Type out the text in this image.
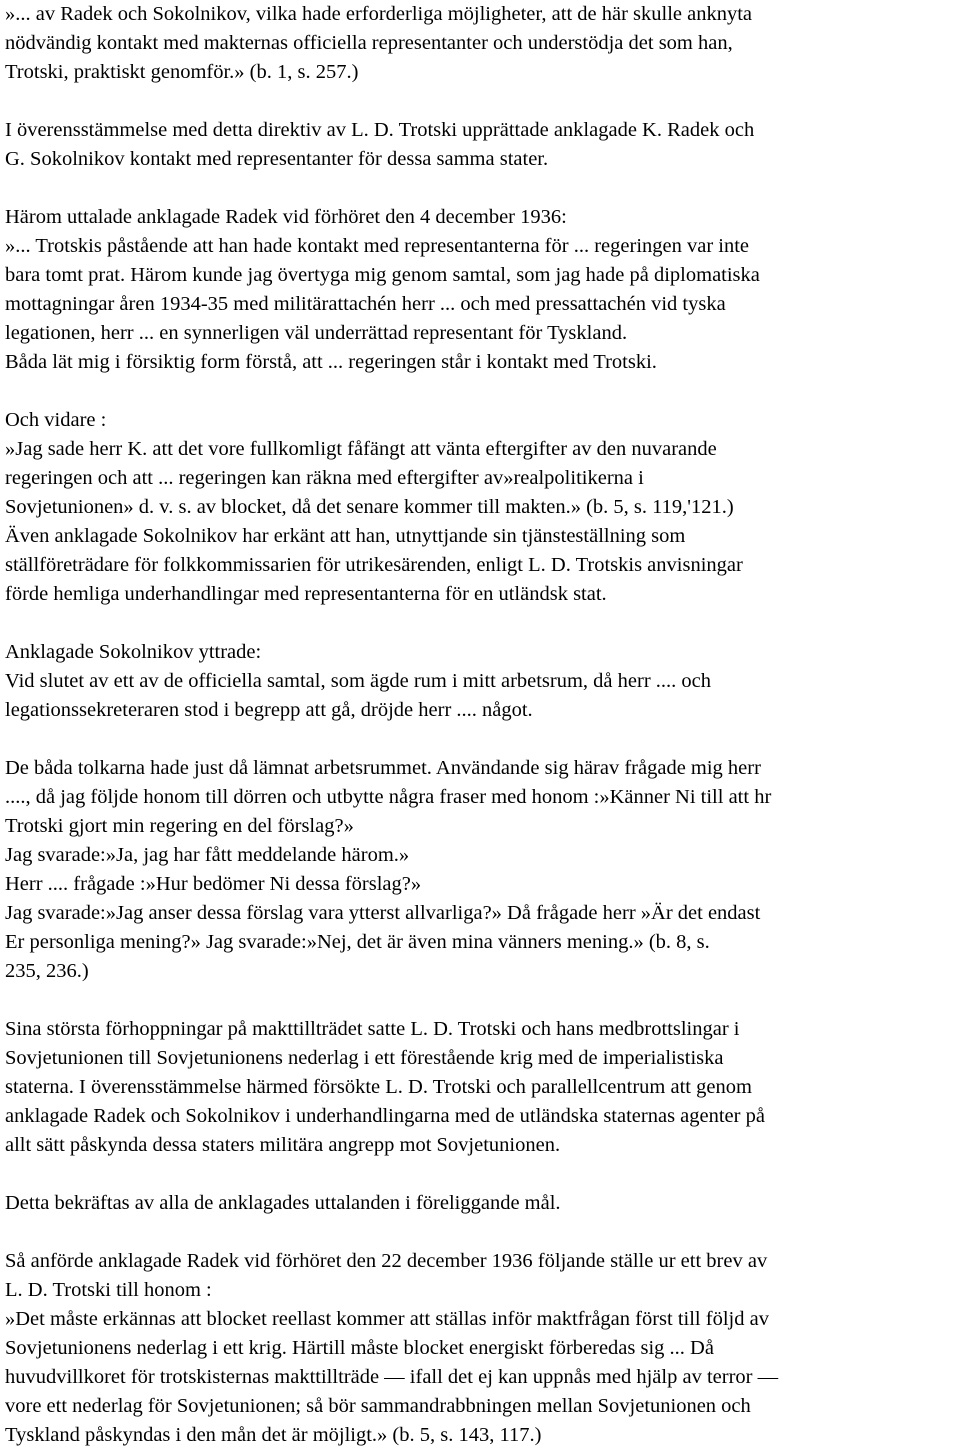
»... av Radek och Sokolnikov, vilka hade erforderliga möjligheter, att de här skulle anknyta
nödvändig kontakt med makternas officiella representanter och understödja det som han,
Trotski, praktiskt genomför.» (b. 1, s. 257.)
I överensstämmelse med detta direktiv av L. D. Trotski upprättade anklagade K. Radek och
G. Sokolnikov kontakt med representanter för dessa samma stater.
Härom uttalade anklagade Radek vid förhöret den 4 december 1936:
»... Trotskis påstående att han hade kontakt med representanterna för ... regeringen var inte
bara tomt prat. Härom kunde jag övertyga mig genom samtal, som jag hade på diplomatiska
mottagningar åren 1934-35 med militärattachén herr ... och med pressattachén vid tyska
legationen, herr ... en synnerligen väl underrättad representant för Tyskland.
Båda lät mig i försiktig form förstå, att ... regeringen står i kontakt med Trotski.
Och vidare :
»Jag sade herr K. att det vore fullkomligt fåfängt att vänta eftergifter av den nuvarande
regeringen och att ... regeringen kan räkna med eftergifter av»realpolitikerna i
Sovjetunionen» d. v. s. av blocket, då det senare kommer till makten.» (b. 5, s. 119,'121.)
Även anklagade Sokolnikov har erkänt att han, utnyttjande sin tjänsteställning som
ställföreträdare för folkkommissarien för utrikesärenden, enligt L. D. Trotskis anvisningar
förde hemliga underhandlingar med representanterna för en utländsk stat.
Anklagade Sokolnikov yttrade:
Vid slutet av ett av de officiella samtal, som ägde rum i mitt arbetsrum, då herr .... och
legationssekreteraren stod i begrepp att gå, dröjde herr .... något.
De båda tolkarna hade just då lämnat arbetsrummet. Användande sig härav frågade mig herr
...., då jag följde honom till dörren och utbytte några fraser med honom :»Känner Ni till att hr
Trotski gjort min regering en del förslag?»
Jag svarade:»Ja, jag har fått meddelande härom.»
Herr .... frågade :»Hur bedömer Ni dessa förslag?»
Jag svarade:»Jag anser dessa förslag vara ytterst allvarliga?» Då frågade herr »Är det endast
Er personliga mening?» Jag svarade:»Nej, det är även mina vänners mening.» (b. 8, s.
235, 236.)
Sina största förhoppningar på makttillträdet satte L. D. Trotski och hans medbrottslingar i
Sovjetunionen till Sovjetunionens nederlag i ett förestående krig med de imperialistiska
staterna. I överensstämmelse härmed försökte L. D. Trotski och parallellcentrum att genom
anklagade Radek och Sokolnikov i underhandlingarna med de utländska staternas agenter på
allt sätt påskynda dessa staters militära angrepp mot Sovjetunionen.
Detta bekräftas av alla de anklagades uttalanden i föreliggande mål.
Så anförde anklagade Radek vid förhöret den 22 december 1936 följande ställe ur ett brev av
L. D. Trotski till honom :
»Det måste erkännas att blocket reellast kommer att ställas inför maktfrågan först till följd av
Sovjetunionens nederlag i ett krig. Härtill måste blocket energiskt förberedas sig ... Då
huvudvillkoret för trotskisternas makttillträde — ifall det ej kan uppnås med hjälp av terror —
vore ett nederlag för Sovjetunionen; så bör sammandrabbningen mellan Sovjetunionen och
Tyskland påskyndas i den mån det är möjligt.» (b. 5, s. 143, 117.)
